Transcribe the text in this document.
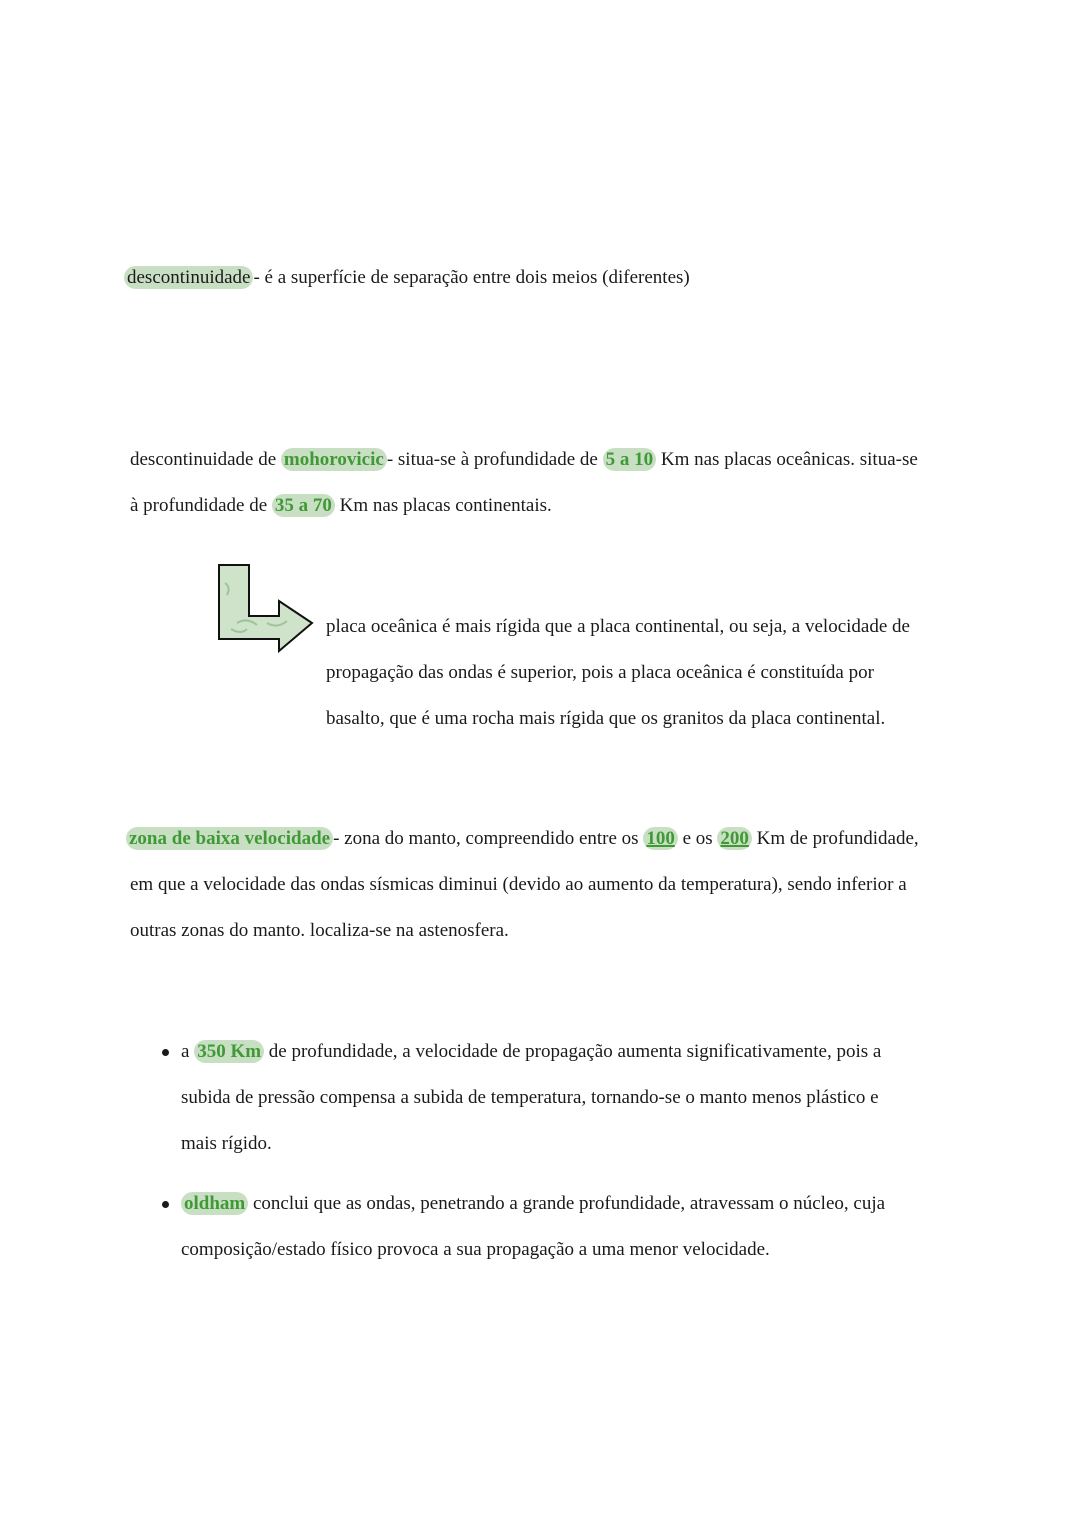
descontinuidade - é a superfície de separação entre dois meios (diferentes)
descontinuidade de mohorovicic - situa-se à profundidade de 5 a 10 Km nas placas oceânicas. situa-se
à profundidade de 35 a 70 Km nas placas continentais.
placa oceânica é mais rígida que a placa continental, ou seja, a velocidade de
propagação das ondas é superior, pois a placa oceânica é constituída por
basalto, que é uma rocha mais rígida que os granitos da placa continental.
zona de baixa velocidade - zona do manto, compreendido entre os 100 e os 200 Km de profundidade,
em que a velocidade das ondas sísmicas diminui (devido ao aumento da temperatura), sendo inferior a
outras zonas do manto. localiza-se na astenosfera.
a 350 Km de profundidade, a velocidade de propagação aumenta significativamente, pois a
subida de pressão compensa a subida de temperatura, tornando-se o manto menos plástico e
mais rígido.
oldham conclui que as ondas, penetrando a grande profundidade, atravessam o núcleo, cuja
composição/estado físico provoca a sua propagação a uma menor velocidade.
